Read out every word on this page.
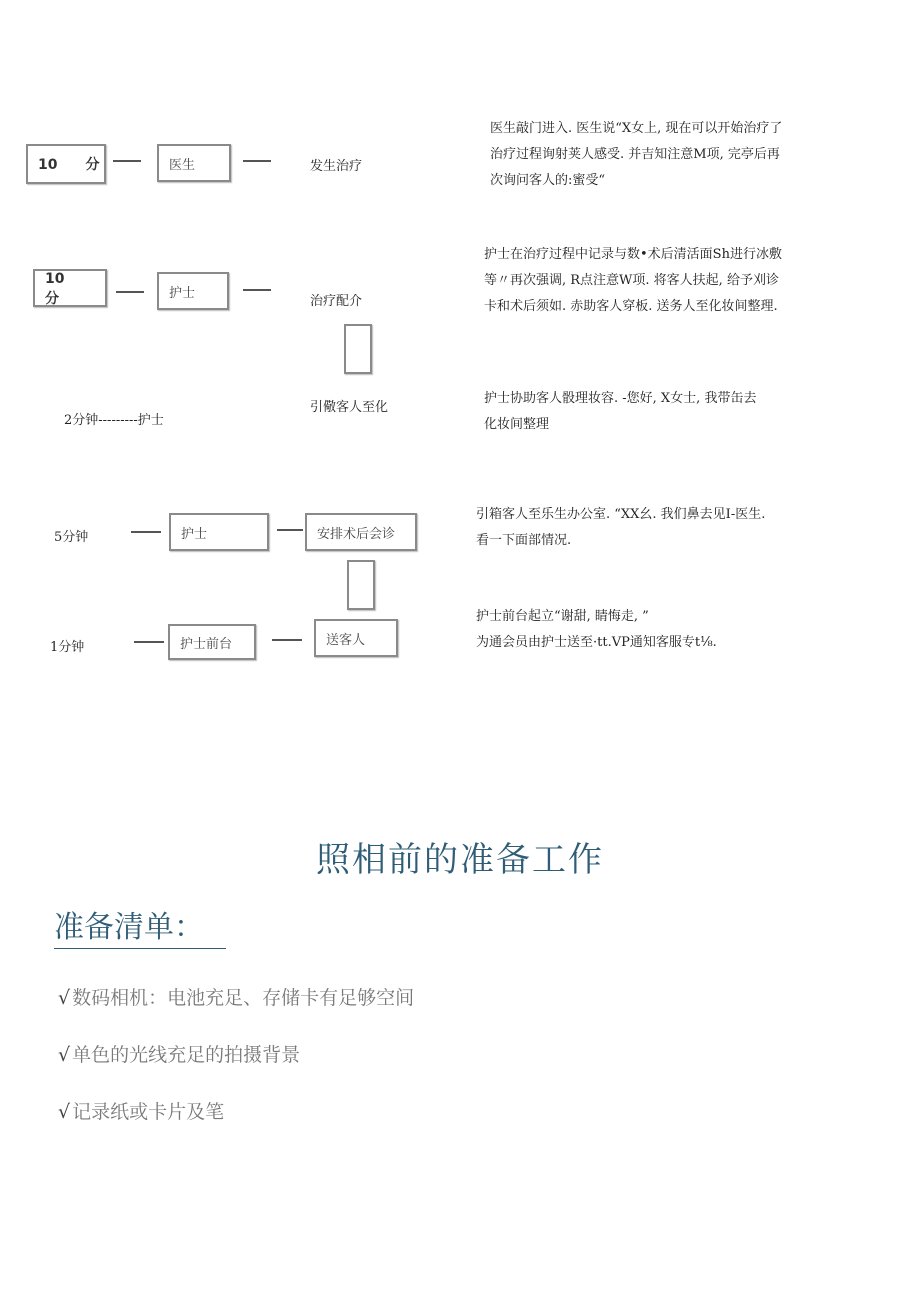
10　　分	医生	发生治疗
医生敲门进入. 医生说“X女上, 现在可以开始治疗了
治疗过程询射荚人感受. 并吉知注意M项, 完亭后再
次询问客人的:蜜受“
10　　分	护士
治疗配介
护士在治疗过程中记录与数•术后清活面Sh进行冰敷
等〃再次强调, R点注意W项. 将客人扶起, 给予刈诊
卡和术后须如. 赤助客人穿板. 送务人至化妆间整理.
2分钟---------护士
引儆客人至化
护士协助客人骰理妆容. -您好, X女士, 我带缶去
化妆间整理
5分钟	护士	安排术后会诊
引箱客人至乐生办公室. “XX幺. 我们鼻去见I-医生.
看一下面部情况.
1分钟	护士前台	送客人
护士前台起立“谢甜, 睛悔走, ”
为通会员由护士送至·tt.VP通知客服专t⅛.
照相前的准备工作
准备清单：
√ 数码相机：电池充足、存储卡有足够空间
√ 单色的光线充足的拍摄背景
√ 记录纸或卡片及笔
